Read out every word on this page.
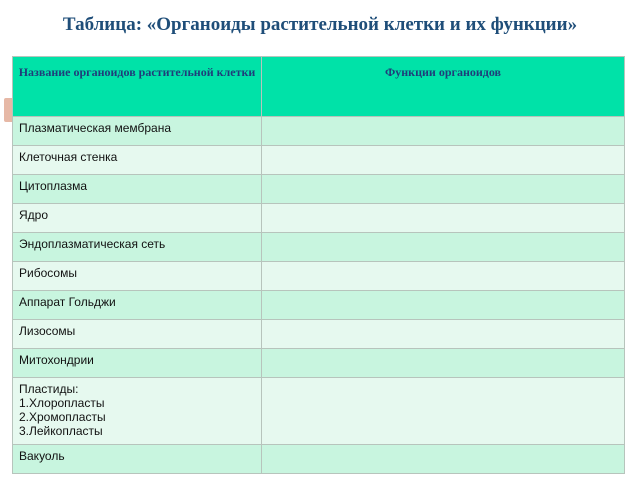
Таблица: «Органоиды растительной клетки и их функции»
Название органоидов растительной клетки	Функции органоидов
Плазматическая мембрана	
Клеточная стенка	
Цитоплазма	
Ядро	
Эндоплазматическая сеть	
Рибосомы	
Аппарат Гольджи	
Лизосомы	
Митохондрии	
Пластиды:
1.Хлоропласты
2.Хромопласты
3.Лейкопласты	
Вакуоль	
